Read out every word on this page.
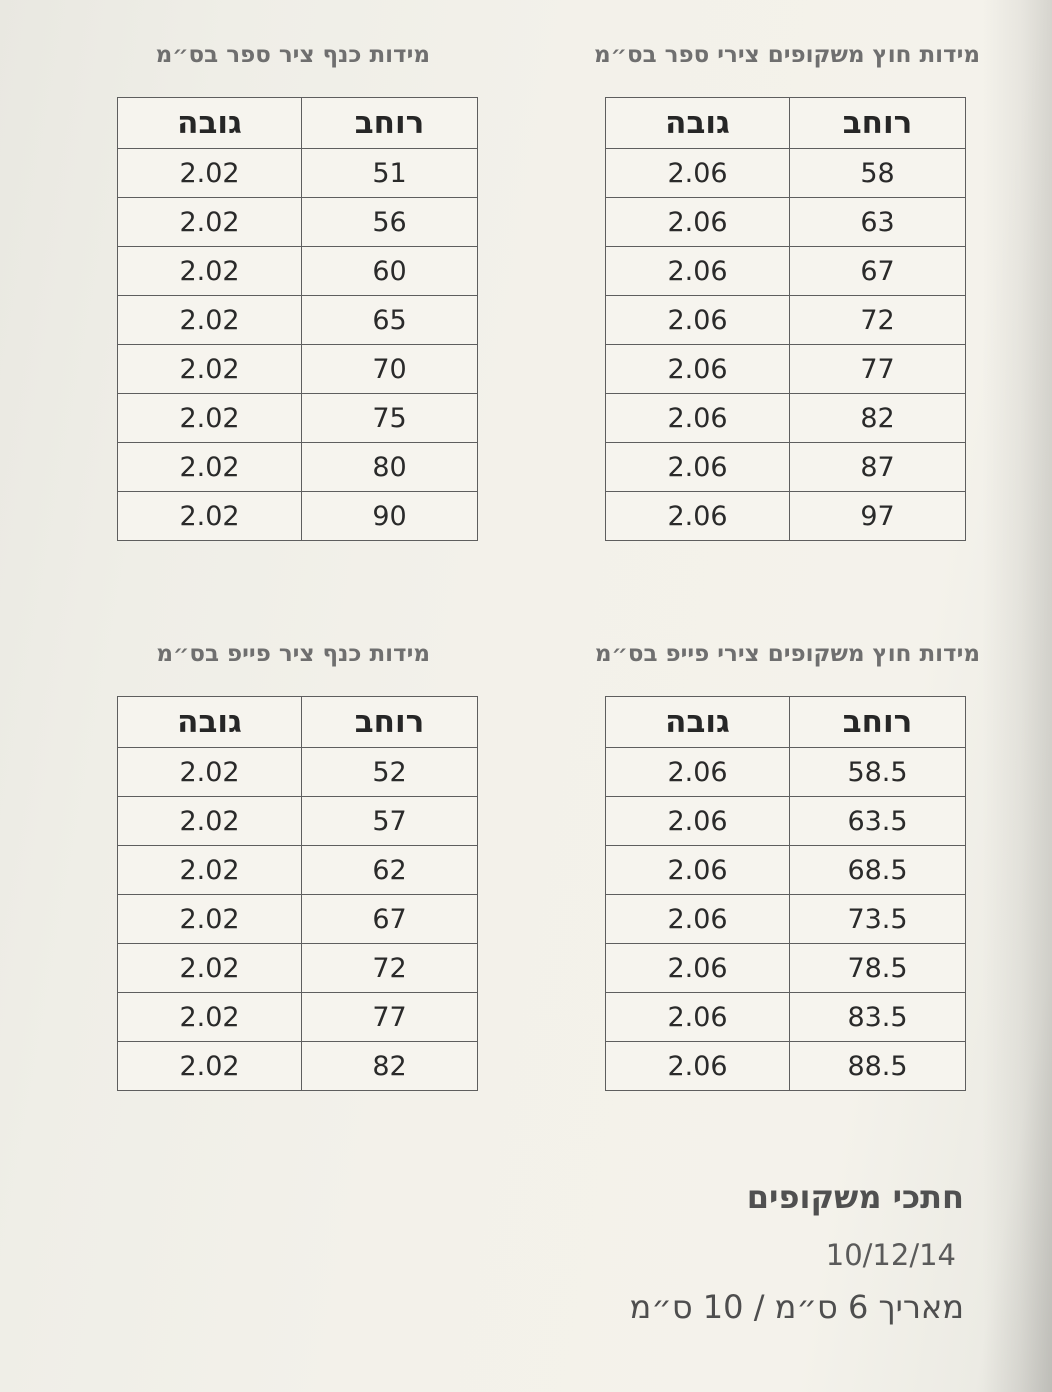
מידות חוץ משקופים צירי ספר בס״מ
רוחב	גובה
58	2.06
63	2.06
67	2.06
72	2.06
77	2.06
82	2.06
87	2.06
97	2.06
מידות כנף ציר ספר בס״מ
רוחב	גובה
51	2.02
56	2.02
60	2.02
65	2.02
70	2.02
75	2.02
80	2.02
90	2.02
מידות חוץ משקופים צירי פייפ בס״מ
רוחב	גובה
58.5	2.06
63.5	2.06
68.5	2.06
73.5	2.06
78.5	2.06
83.5	2.06
88.5	2.06
מידות כנף ציר פייפ בס״מ
רוחב	גובה
52	2.02
57	2.02
62	2.02
67	2.02
72	2.02
77	2.02
82	2.02
חתכי משקופים
10/12/14
מאריך 6 ס״מ / 10 ס״מ
